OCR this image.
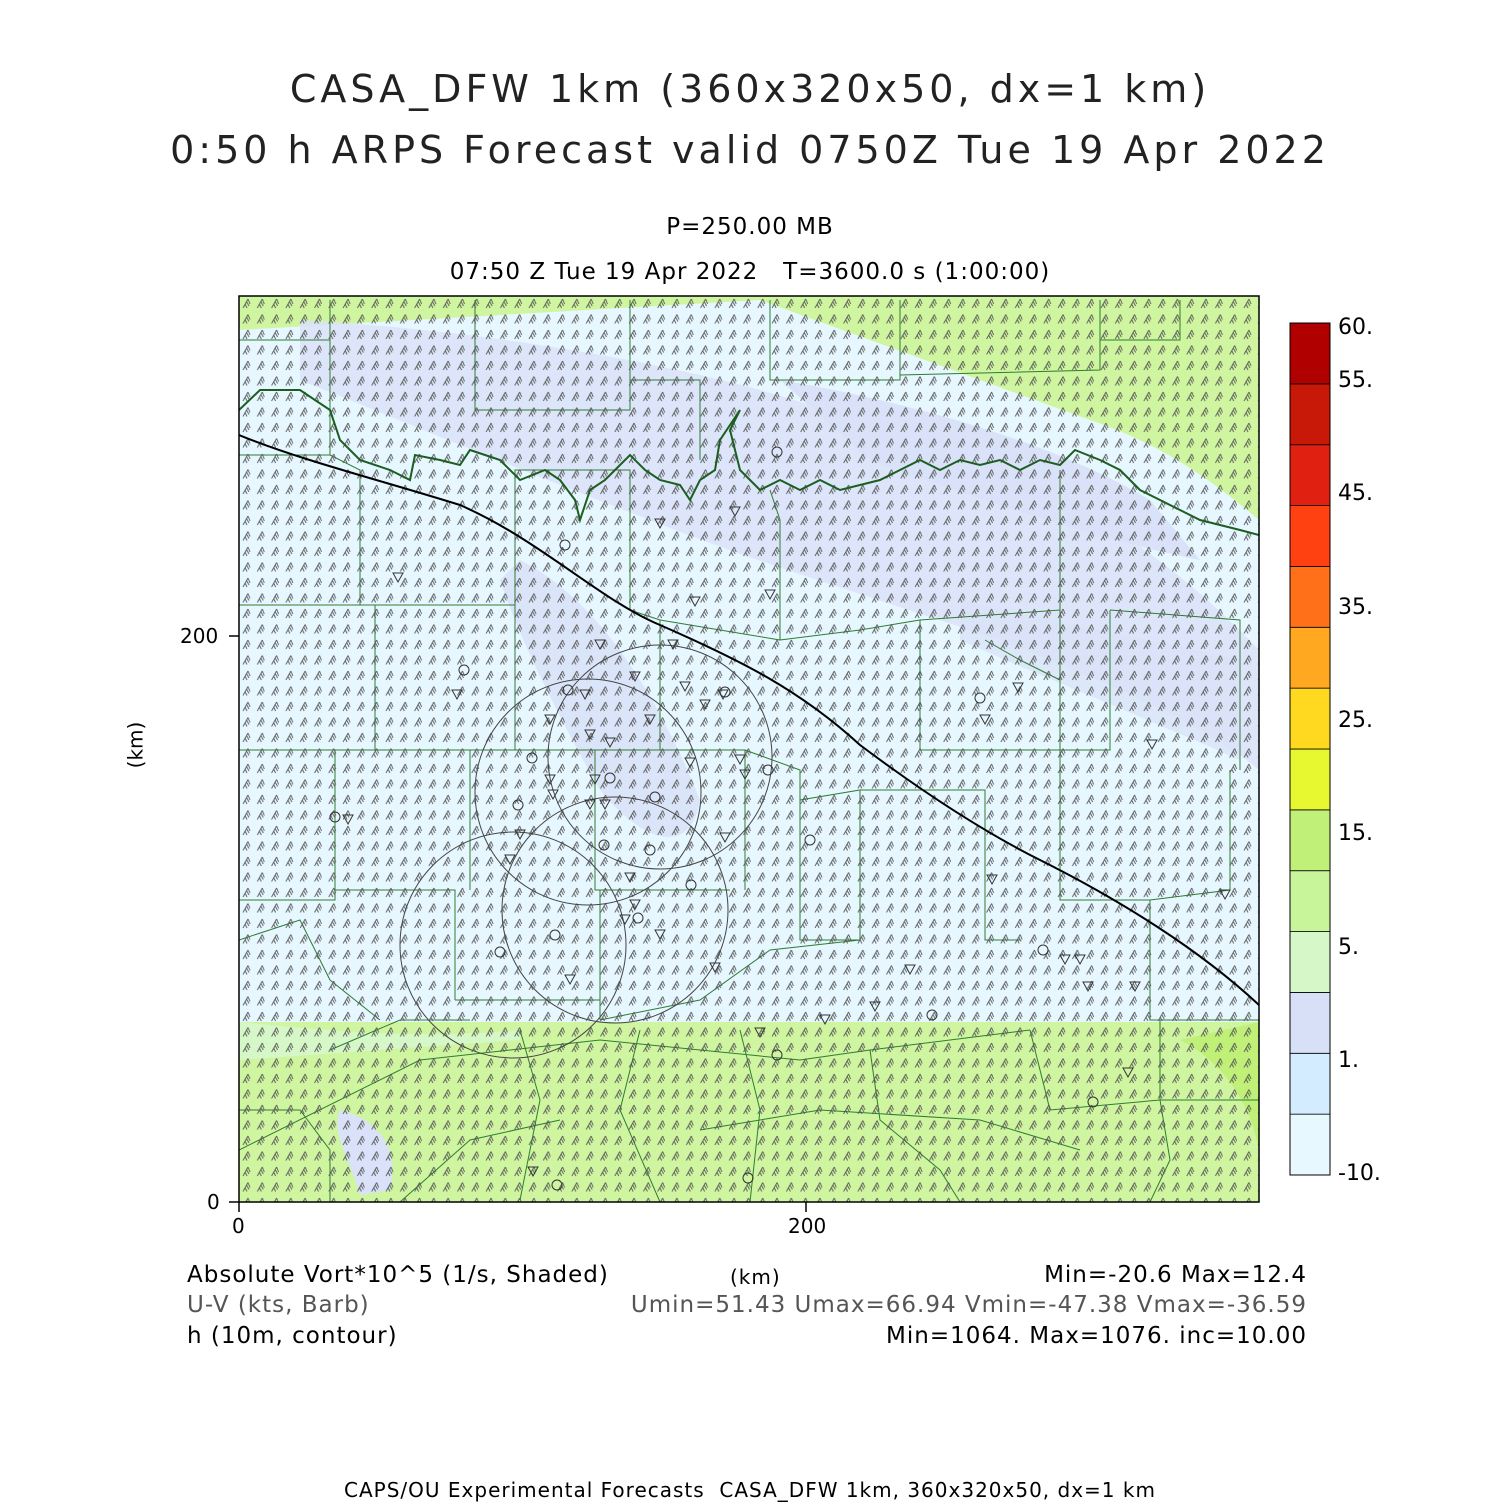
CASA_DFW 1km (360x320x50, dx=1 km)
0:50 h ARPS Forecast valid 0750Z Tue 19 Apr 2022
P=250.00 MB
07:50 Z Tue 19 Apr 2022   T=3600.0 s (1:00:00)
0	200
0
200
(km)
60.
55.
45.
35.
25.
15.
5.
1.
-10.
Absolute Vort*10^5 (1/s, Shaded)	(km)	Min=-20.6 Max=12.4
U-V (kts, Barb)	Umin=51.43 Umax=66.94 Vmin=-47.38 Vmax=-36.59
h (10m, contour)	Min=1064. Max=1076. inc=10.00
CAPS/OU Experimental Forecasts  CASA_DFW 1km, 360x320x50, dx=1 km
